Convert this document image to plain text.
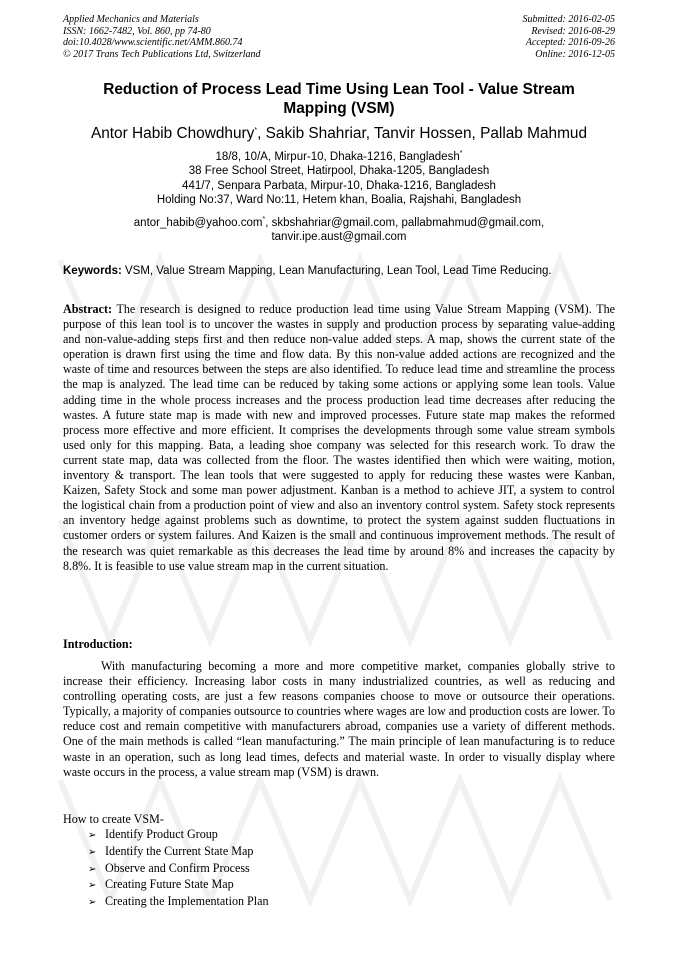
Applied Mechanics and Materials
ISSN: 1662-7482, Vol. 860, pp 74-80
doi:10.4028/www.scientific.net/AMM.860.74
© 2017 Trans Tech Publications Ltd, Switzerland
Submitted: 2016-02-05
Revised: 2016-08-29
Accepted: 2016-09-26
Online: 2016-12-05
Reduction of Process Lead Time Using Lean Tool - Value Stream Mapping (VSM)
Antor Habib Chowdhury*, Sakib Shahriar, Tanvir Hossen, Pallab Mahmud
18/8, 10/A, Mirpur-10, Dhaka-1216, Bangladesh*
38 Free School Street, Hatirpool, Dhaka-1205, Bangladesh
441/7, Senpara Parbata, Mirpur-10, Dhaka-1216, Bangladesh
Holding No:37, Ward No:11, Hetem khan, Boalia, Rajshahi, Bangladesh
antor_habib@yahoo.com*, skbshahriar@gmail.com, pallabmahmud@gmail.com,
tanvir.ipe.aust@gmail.com
Keywords: VSM, Value Stream Mapping, Lean Manufacturing, Lean Tool, Lead Time Reducing.
Abstract: The research is designed to reduce production lead time using Value Stream Mapping (VSM). The purpose of this lean tool is to uncover the wastes in supply and production process by separating value-adding and non-value-adding steps first and then reduce non-value added steps. A map, shows the current state of the operation is drawn first using the time and flow data. By this non-value added actions are recognized and the waste of time and resources between the steps are also identified. To reduce lead time and streamline the process the map is analyzed. The lead time can be reduced by taking some actions or applying some lean tools. Value adding time in the whole process increases and the process production lead time decreases after reducing the wastes. A future state map is made with new and improved processes. Future state map makes the reformed process more effective and more efficient. It comprises the developments through some value stream symbols used only for this mapping. Bata, a leading shoe company was selected for this research work. To draw the current state map, data was collected from the floor. The wastes identified then which were waiting, motion, inventory & transport. The lean tools that were suggested to apply for reducing these wastes were Kanban, Kaizen, Safety Stock and some man power adjustment. Kanban is a method to achieve JIT, a system to control the logistical chain from a production point of view and also an inventory control system. Safety stock represents an inventory hedge against problems such as downtime, to protect the system against sudden fluctuations in customer orders or system failures. And Kaizen is the small and continuous improvement methods. The result of the research was quiet remarkable as this decreases the lead time by around 8% and increases the capacity by 8.8%. It is feasible to use value stream map in the current situation.
Introduction:
With manufacturing becoming a more and more competitive market, companies globally strive to increase their efficiency. Increasing labor costs in many industrialized countries, as well as reducing and controlling operating costs, are just a few reasons companies choose to move or outsource their operations. Typically, a majority of companies outsource to countries where wages are low and production costs are lower. To reduce cost and remain competitive with manufacturers abroad, companies use a variety of different methods. One of the main methods is called “lean manufacturing.” The main principle of lean manufacturing is to reduce waste in an operation, such as long lead times, defects and material waste. In order to visually display where waste occurs in the process, a value stream map (VSM) is drawn.
How to create VSM-
➢ Identify Product Group
➢ Identify the Current State Map
➢ Observe and Confirm Process
➢ Creating Future State Map
➢ Creating the Implementation Plan
